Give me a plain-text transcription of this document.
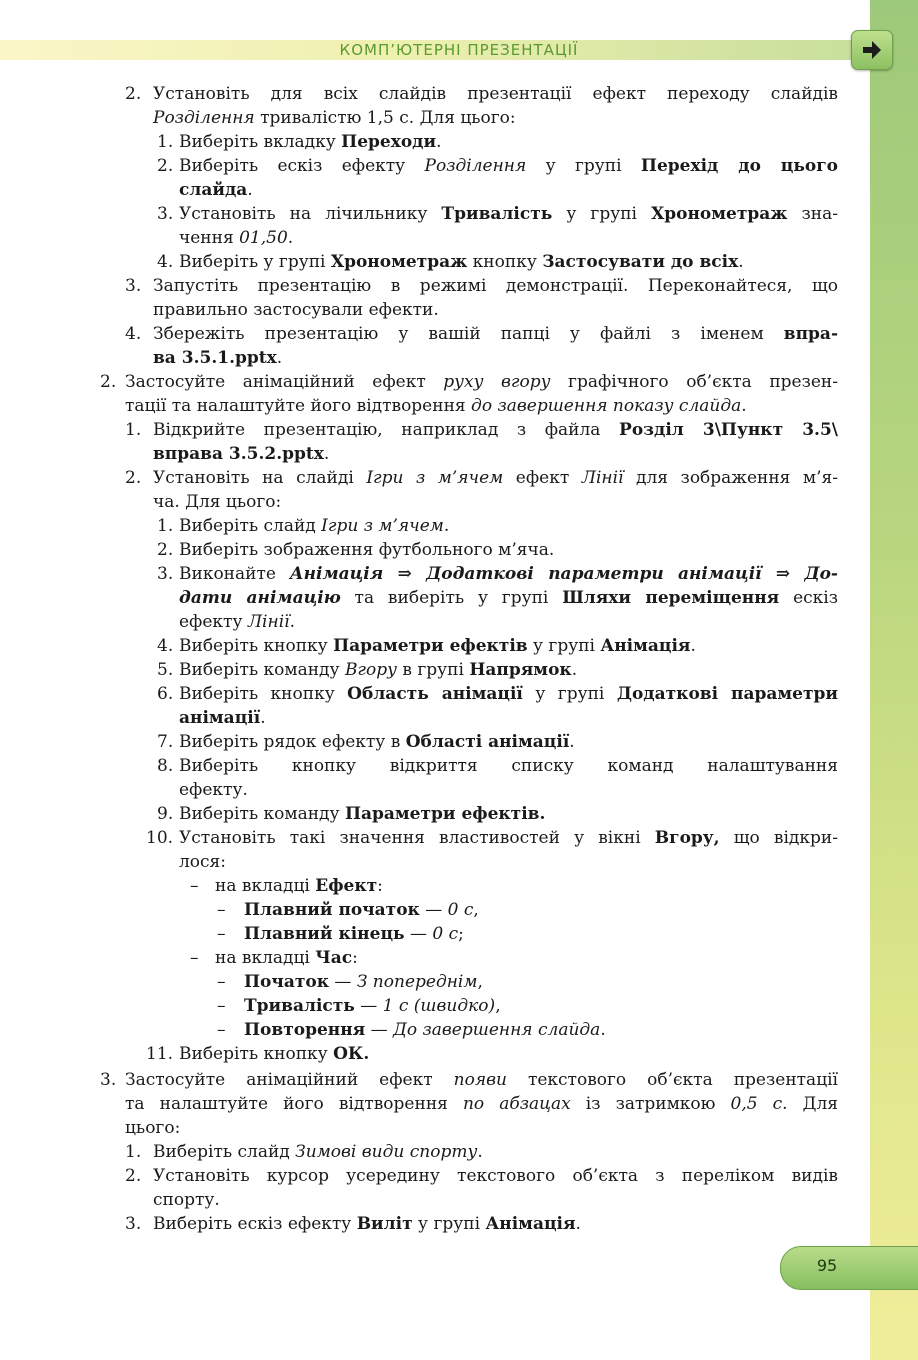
КОМП’ЮТЕРНІ ПРЕЗЕНТАЦІЇ
2. Установіть для всіх слайдів презентації ефект переходу слайдів
Розділення тривалістю 1,5 с. Для цього:
1. Виберіть вкладку Переходи.
2. Виберіть ескіз ефекту Розділення у групі Перехід до цього
слайда.
3. Установіть на лічильнику Тривалість у групі Хронометраж зна-
чення 01,50.
4. Виберіть у групі Хронометраж кнопку Застосувати до всіх.
3. Запустіть презентацію в режимі демонстрації. Переконайтеся, що
правильно застосували ефекти.
4. Збережіть презентацію у вашій папці у файлі з іменем впра-
ва 3.5.1.pptx.
2. Застосуйте анімаційний ефект руху вгору графічного об’єкта презен-
тації та налаштуйте його відтворення до завершення показу слайда.
1. Відкрийте презентацію, наприклад з файла Розділ 3\Пункт 3.5\
вправа 3.5.2.pptx.
2. Установіть на слайді Ігри з м’ячем ефект Лінії для зображення м’я-
ча. Для цього:
1. Виберіть слайд Ігри з м’ячем.
2. Виберіть зображення футбольного м’яча.
3. Виконайте Анімація ⇒ Додаткові параметри анімації ⇒ До-
дати анімацію та виберіть у групі Шляхи переміщення ескіз
ефекту Лінії.
4. Виберіть кнопку Параметри ефектів у групі Анімація.
5. Виберіть команду Вгору в групі Напрямок.
6. Виберіть кнопку Область анімації у групі Додаткові параметри
анімації.
7. Виберіть рядок ефекту в Області анімації.
8. Виберіть кнопку відкриття списку команд налаштування
ефекту.
9. Виберіть команду Параметри ефектів.
10. Установіть такі значення властивостей у вікні Вгору, що відкри-
лося:
– на вкладці Ефект:
– Плавний початок — 0 с,
– Плавний кінець — 0 с;
– на вкладці Час:
– Початок — З попереднім,
– Тривалість — 1 с (швидко),
– Повторення — До завершення слайда.
11. Виберіть кнопку ОК.
3. Застосуйте анімаційний ефект появи текстового об’єкта презентації
та налаштуйте його відтворення по абзацах із затримкою 0,5 с. Для
цього:
1. Виберіть слайд Зимові види спорту.
2. Установіть курсор усередину текстового об’єкта з переліком видів
спорту.
3. Виберіть ескіз ефекту Виліт у групі Анімація.
95
